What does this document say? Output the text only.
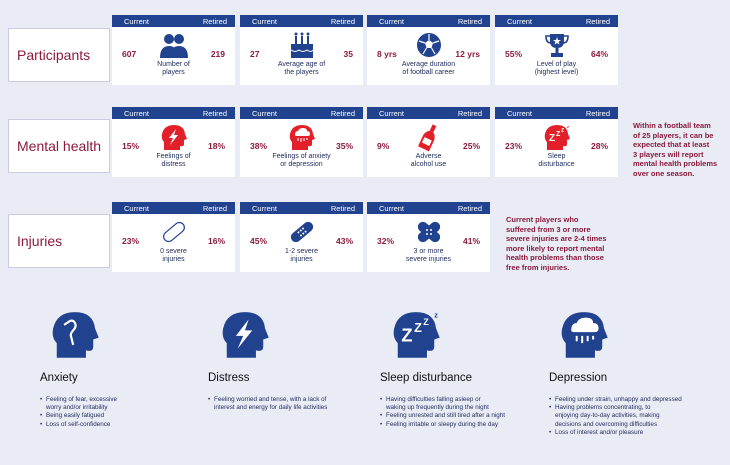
Participants
Current	Retired
607	219
Number of
players
Current	Retired
27	35
Average age of
the players
Current	Retired
8 yrs	12 yrs
Average duration
of football career
Current	Retired
55%	64%
Level of play
(highest level)
Mental health
Current	Retired
15%	18%
Feelings of
distress
Current	Retired
38%	35%
Feelings of anxiety
or depression
Current	Retired
9%	25%
Adverse
alcohol use
Current	Retired
Z Z Z
z
23%	28%
Sleep
disturbance
Within a football team
of 25 players, it can be
expected that at least
3 players will report
mental health problems
over one season.
Injuries
Current	Retired
23%	16%
0 severe
injuries
Current	Retired
45%	43%
1-2 severe
injuries
Current	Retired
32%	41%
3 or more
severe injuries
Current players who
suffered from 3 or more
severe injuries are 2-4 times
more likely to report mental
health problems than those
free from injuries.
Anxiety
• Feeling of fear, excessive
worry and/or irritability
• Being easily fatigued
• Loss of self-confidence
Distress
• Feeling worried and tense, with a lack of
interest and energy for daily life activities
Z Z Z
z
Sleep disturbance
• Having difficulties falling asleep or
waking up frequently during the night
• Feeling unrested and still tired after a night
• Feeling irritable or sleepy during the day
Depression
• Feeling under strain, unhappy and depressed
• Having problems concentrating, to
enjoying day-to-day activities, making
decisions and overcoming difficulties
• Loss of interest and/or pleasure
